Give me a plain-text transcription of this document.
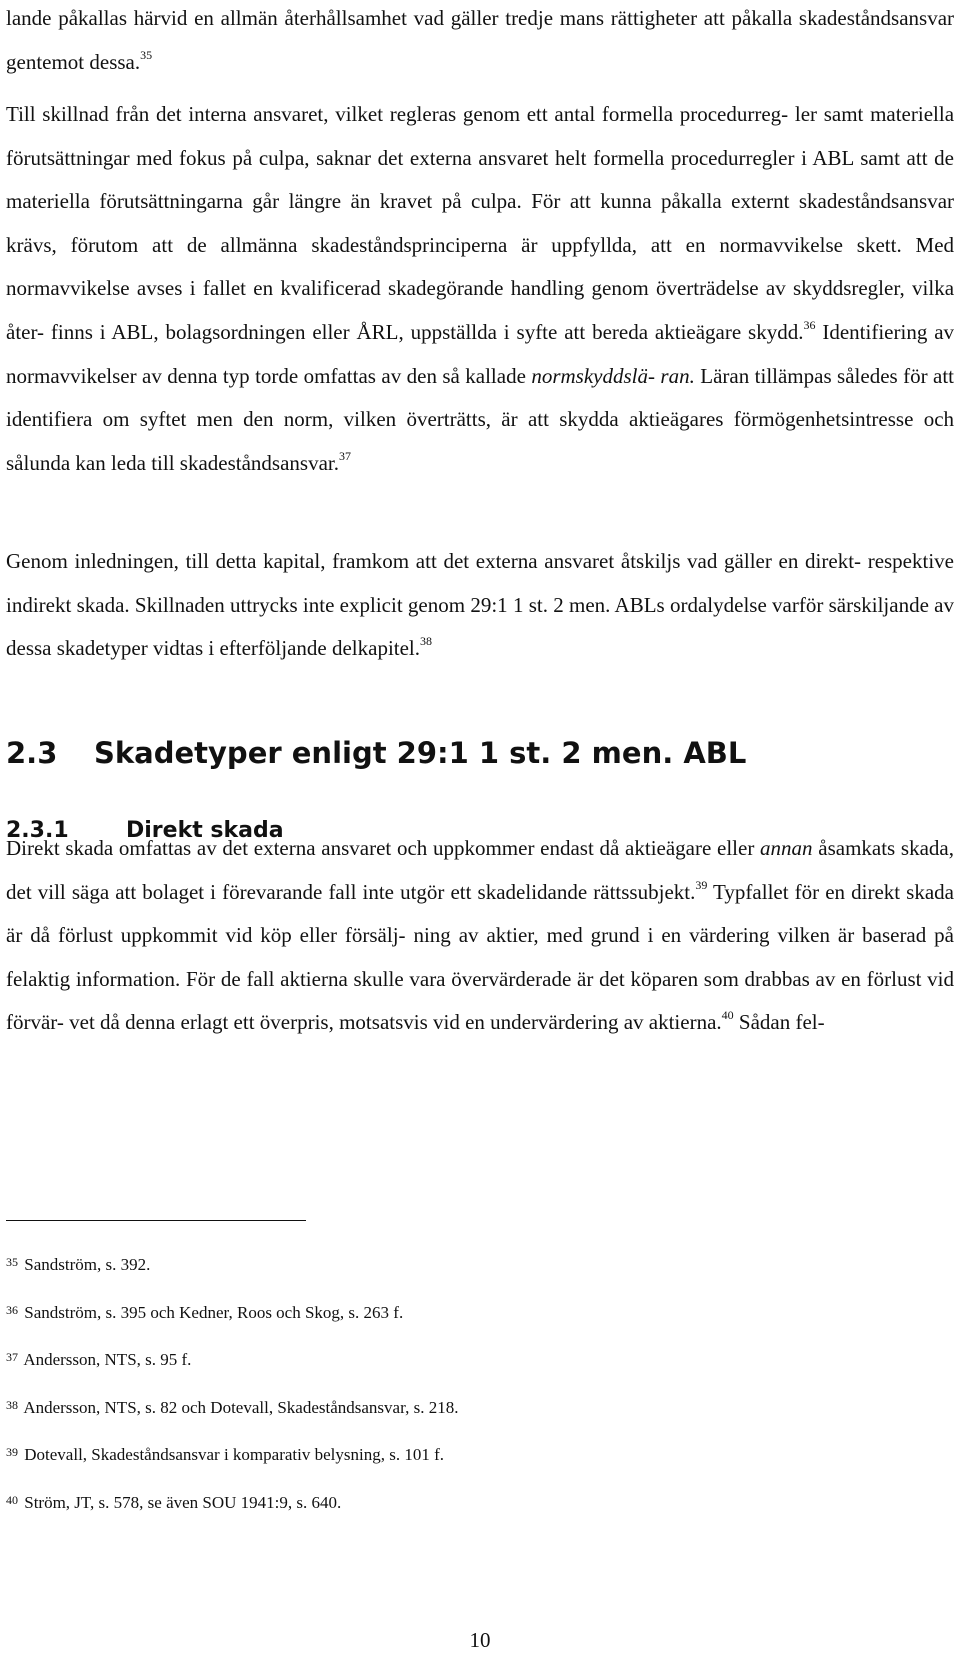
lande påkallas härvid en allmän återhållsamhet vad gäller tredje mans rättigheter att påkalla skadeståndsansvar gentemot dessa.$^{35}$

Till skillnad från det interna ansvaret, vilket regleras genom ett antal formella procedurreg- ler samt materiella förutsättningar med fokus på culpa, saknar det externa ansvaret helt formella procedurregler i ABL samt att de materiella förutsättningarna går längre än kravet på culpa. För att kunna påkalla externt skadeståndsansvar krävs, förutom att de allmänna skadeståndsprinciperna är uppfyllda, att en normavvikelse skett. Med normavvikelse avses i fallet en kvalificerad skadegörande handling genom överträdelse av skyddsregler, vilka åter- finns i ABL, bolagsordningen eller ÅRL, uppställda i syfte att bereda aktieägare skydd.$^{36}$ Identifiering av normavvikelser av denna typ torde omfattas av den så kallade normskyddslä- ran. Läran tillämpas således för att identifiera om syftet men den norm, vilken överträtts, är att skydda aktieägares förmögenhetsintresse och sålunda kan leda till skadeståndsansvar.$^{37}$

Genom inledningen, till detta kapital, framkom att det externa ansvaret åtskiljs vad gäller en direkt- respektive indirekt skada. Skillnaden uttrycks inte explicit genom 29:1 1 st. 2 men. ABLs ordalydelse varför särskiljande av dessa skadetyper vidtas i efterföljande delkapitel.$^{38}$

2.3 Skadetyper enligt 29:1 1 st. 2 men. ABL
2.3.1	Direkt skada

Direkt skada omfattas av det externa ansvaret och uppkommer endast då aktieägare eller annan åsamkats skada, det vill säga att bolaget i förevarande fall inte utgör ett skadelidande rättssubjekt.$^{39}$ Typfallet för en direkt skada är då förlust uppkommit vid köp eller försälj- ning av aktier, med grund i en värdering vilken är baserad på felaktig information. För de fall aktierna skulle vara övervärderade är det köparen som drabbas av en förlust vid förvär- vet då denna erlagt ett överpris, motsatsvis vid en undervärdering av aktierna.$^{40}$ Sådan fel-

$^{35}$ Sandström, s. 392.
$^{36}$ Sandström, s. 395 och Kedner, Roos och Skog, s. 263 f.
$^{37}$ Andersson, NTS, s. 95 f.
$^{38}$ Andersson, NTS, s. 82 och Dotevall, Skadeståndsansvar, s. 218.
$^{39}$ Dotevall, Skadeståndsansvar i komparativ belysning, s. 101 f.
$^{40}$ Ström, JT, s. 578, se även SOU 1941:9, s. 640.
10
